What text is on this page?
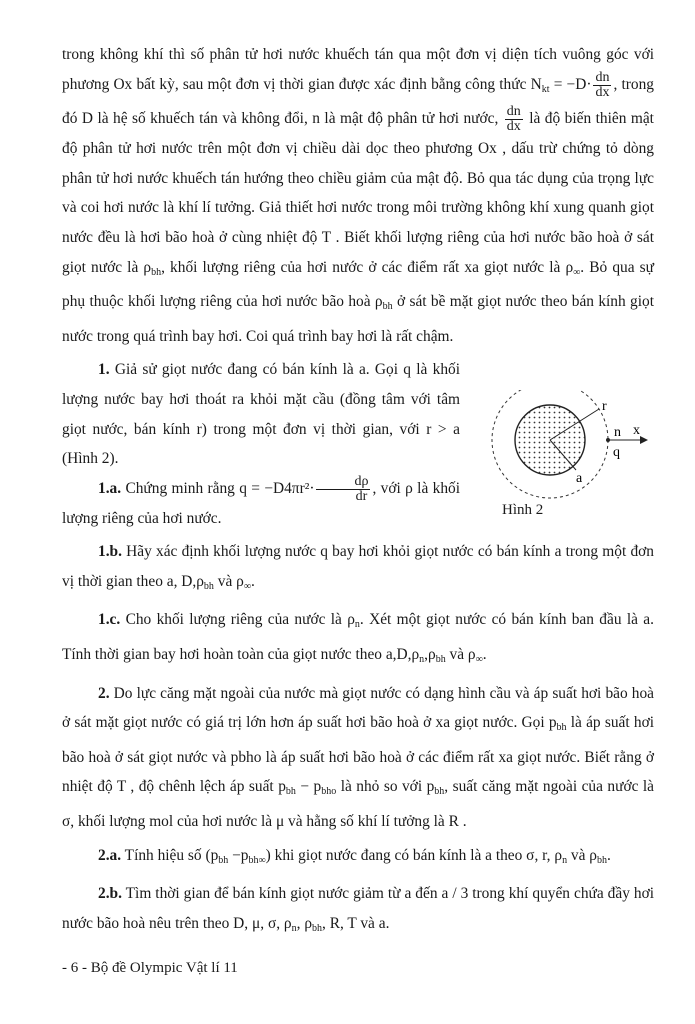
trong không khí thì số phân tử hơi nước khuếch tán qua một đơn vị diện tích vuông góc với phương Ox bất kỳ, sau một đơn vị thời gian được xác định bằng công thức $N_{kt} = -D\cdot \frac{dn}{dx}$ , trong đó D là hệ số khuếch tán và không đổi, n là mật độ phân tử hơi nước, $\frac{dn}{dx}$ là độ biến thiên mật độ phân tử hơi nước trên một đơn vị chiều dài dọc theo phương Ox , dấu trừ chứng tỏ dòng phân tử hơi nước khuếch tán hướng theo chiều giảm của mật độ. Bỏ qua tác dụng của trọng lực và coi hơi nước là khí lí tưởng. Giả thiết hơi nước trong môi trường không khí xung quanh giọt nước đều là hơi bão hoà ở cùng nhiệt độ T . Biết khối lượng riêng của hơi nước bão hoà ở sát giọt nước là $\rho_{bh}$, khối lượng riêng của hơi nước ở các điểm rất xa giọt nước là $\rho_\infty$. Bỏ qua sự phụ thuộc khối lượng riêng của hơi nước bão hoà $\rho_{bh}$ ở sát bề mặt giọt nước theo bán kính giọt nước trong quá trình bay hơi. Coi quá trình bay hơi là rất chậm.

1. Giả sử giọt nước đang có bán kính là a. Gọi q là khối lượng nước bay hơi thoát ra khỏi mặt cầu (đồng tâm với tâm giọt nước, bán kính r) trong một đơn vị thời gian, với r > a (Hình 2).

1.a. Chứng minh rằng $q = -D4\pi r^2\cdot \frac{d\rho}{dr}$ , với ρ là khối lượng riêng của hơi nước.

1.b. Hãy xác định khối lượng nước q bay hơi khỏi giọt nước có bán kính a trong một đơn vị thời gian theo a, $D,\rho_{bh}$ và $\rho_\infty$.

1.c. Cho khối lượng riêng của nước là $\rho_n$. Xét một giọt nước có bán kính ban đầu là a. Tính thời gian bay hơi hoàn toàn của giọt nước theo $a,D,\rho_n,\rho_{bh}$ và $\rho_\infty$.

2. Do lực căng mặt ngoài của nước mà giọt nước có dạng hình cầu và áp suất hơi bão hoà ở sát mặt giọt nước có giá trị lớn hơn áp suất hơi bão hoà ở xa giọt nước. Gọi $p_{bh}$ là áp suất hơi bão hoà ở sát giọt nước và pbho là áp suất hơi bão hoà ở các điểm rất xa giọt nước. Biết rằng ở nhiệt độ T , độ chênh lệch áp suất $p_{bh} - p_{bho}$ là nhỏ so với $p_{bh}$, suất căng mặt ngoài của nước là σ, khối lượng mol của hơi nước là μ và hằng số khí lí tưởng là R .

2.a. Tính hiệu số $(p_{bh} -p_{bh\infty})$ khi giọt nước đang có bán kính là a theo σ, r, $\rho_n$ và $\rho_{bh}$.

2.b. Tìm thời gian để bán kính giọt nước giảm từ a đến a / 3 trong khí quyển chứa đầy hơi nước bão hoà nêu trên theo D, μ, σ, $\rho_n$, $\rho_{bh}$, R, T và a.

r
n x
q
a
Hình 2
- 6 - Bộ đề Olympic Vật lí 11
